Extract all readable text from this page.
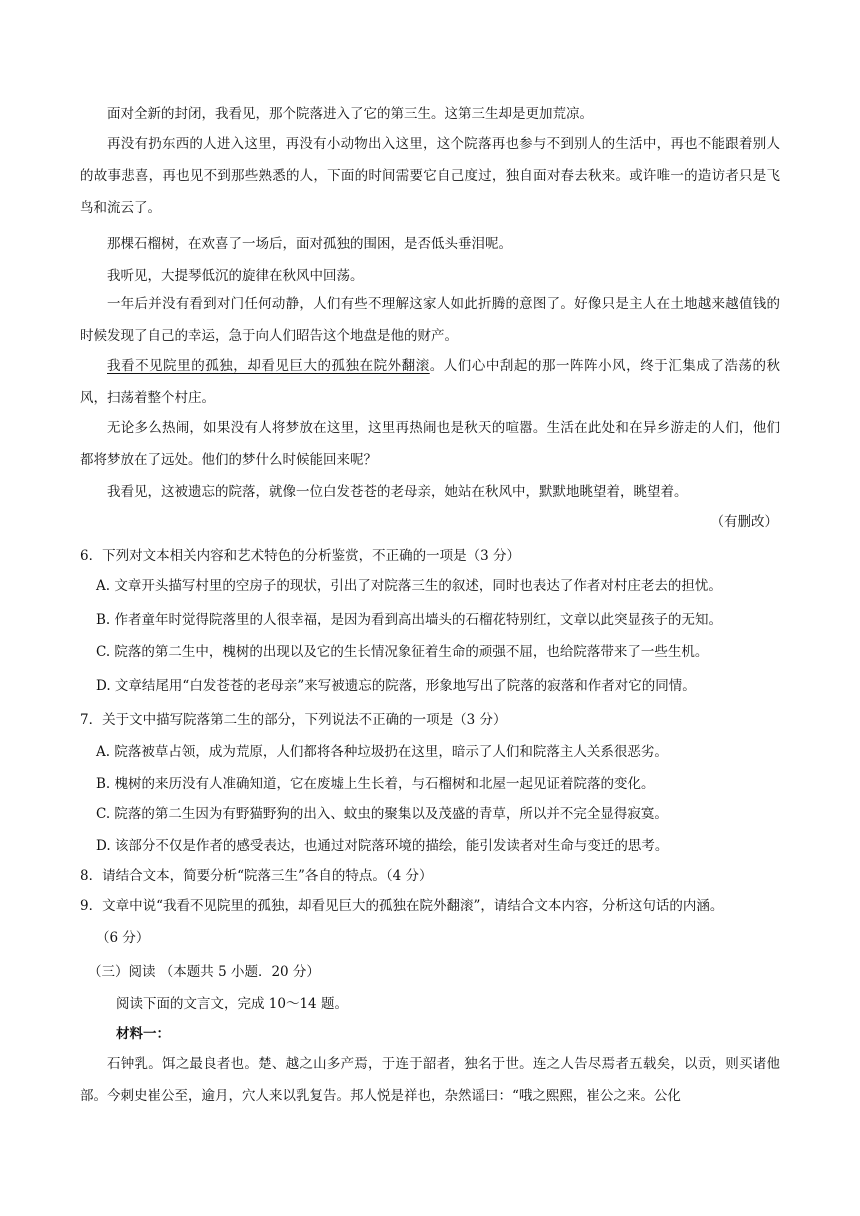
面对全新的封闭，我看见，那个院落进入了它的第三生。这第三生却是更加荒凉。
再没有扔东西的人进入这里，再没有小动物出入这里，这个院落再也参与不到别人的生活中，再也不能跟着别人的故事悲喜，再也见不到那些熟悉的人，下面的时间需要它自己度过，独自面对春去秋来。或许唯一的造访者只是飞鸟和流云了。
那棵石榴树，在欢喜了一场后，面对孤独的围困，是否低头垂泪呢。
我听见，大提琴低沉的旋律在秋风中回荡。
一年后并没有看到对门任何动静，人们有些不理解这家人如此折腾的意图了。好像只是主人在土地越来越值钱的时候发现了自己的幸运，急于向人们昭告这个地盘是他的财产。
我看不见院里的孤独，却看见巨大的孤独在院外翻滚。人们心中刮起的那一阵阵小风，终于汇集成了浩荡的秋风，扫荡着整个村庄。
无论多么热闹，如果没有人将梦放在这里，这里再热闹也是秋天的喧嚣。生活在此处和在异乡游走的人们，他们都将梦放在了远处。他们的梦什么时候能回来呢？
我看见，这被遗忘的院落，就像一位白发苍苍的老母亲，她站在秋风中，默默地眺望着，眺望着。
（有删改）
6．下列对文本相关内容和艺术特色的分析鉴赏，不正确的一项是（3 分）
A. 文章开头描写村里的空房子的现状，引出了对院落三生的叙述，同时也表达了作者对村庄老去的担忧。
B. 作者童年时觉得院落里的人很幸福，是因为看到高出墙头的石榴花特别红，文章以此突显孩子的无知。
C. 院落的第二生中，槐树的出现以及它的生长情况象征着生命的顽强不屈，也给院落带来了一些生机。
D. 文章结尾用“白发苍苍的老母亲”来写被遗忘的院落，形象地写出了院落的寂落和作者对它的同情。
7．关于文中描写院落第二生的部分，下列说法不正确的一项是（3 分）
A. 院落被草占领，成为荒原，人们都将各种垃圾扔在这里，暗示了人们和院落主人关系很恶劣。
B. 槐树的来历没有人准确知道，它在废墟上生长着，与石榴树和北屋一起见证着院落的变化。
C. 院落的第二生因为有野猫野狗的出入、蚊虫的聚集以及茂盛的青草，所以并不完全显得寂寞。
D. 该部分不仅是作者的感受表达，也通过对院落环境的描绘，能引发读者对生命与变迁的思考。
8．请结合文本，简要分析“院落三生”各自的特点。（4 分）
9．文章中说“我看不见院里的孤独，却看见巨大的孤独在院外翻滚”，请结合文本内容，分析这句话的内涵。
（6 分）
（三）阅读 （本题共 5 小题．20 分）
阅读下面的文言文，完成 10～14 题。
材料一：
石钟乳。饵之最良者也。楚、越之山多产焉，于连于韶者，独名于世。连之人告尽焉者五载矣，以贡，则买诸他部。今刺史崔公至，逾月，穴人来以乳复告。邦人悦是祥也，杂然谣曰：“哦之熙熙，崔公之来。公化
